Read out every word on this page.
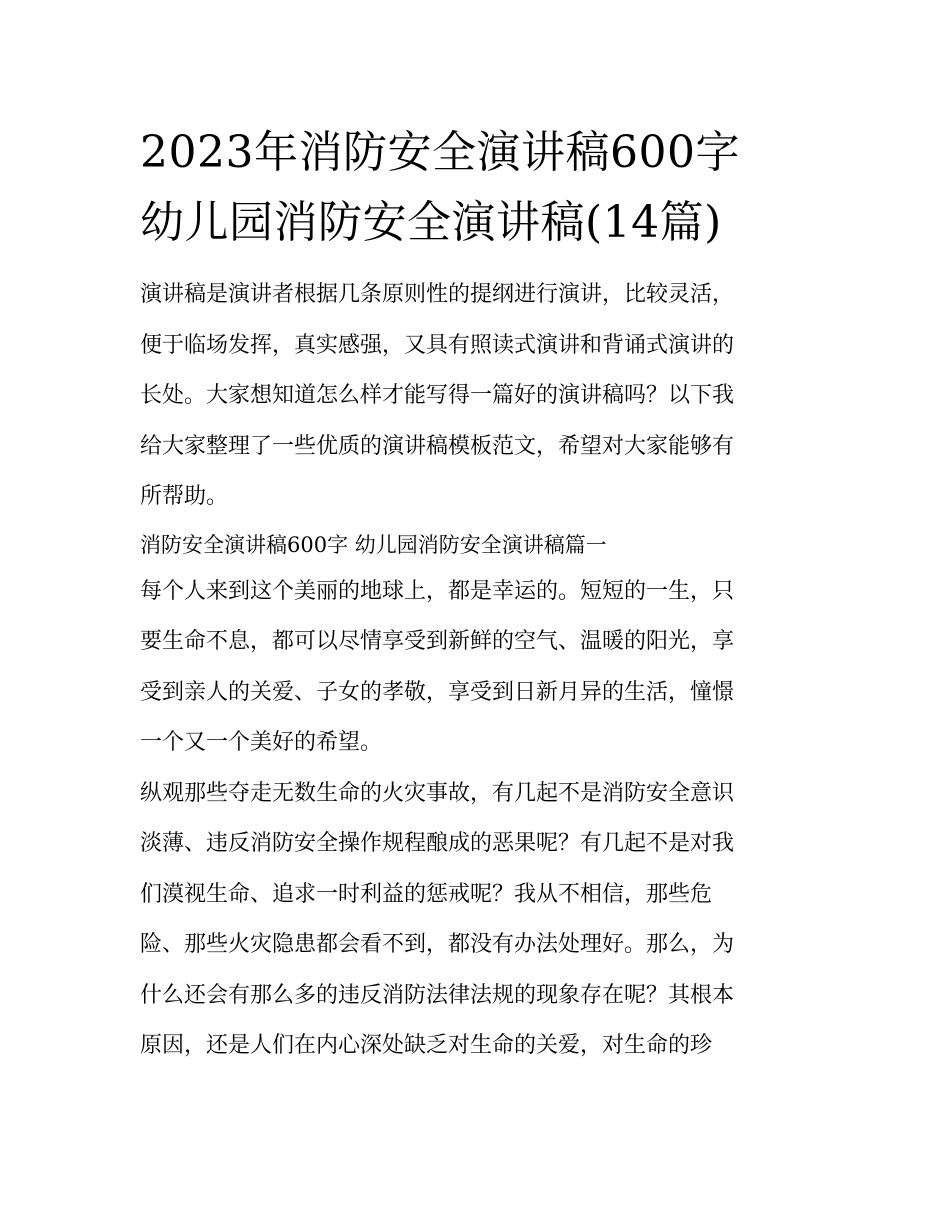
2023年消防安全演讲稿600字
幼儿园消防安全演讲稿(14篇)

演讲稿是演讲者根据几条原则性的提纲进行演讲，比较灵活，
便于临场发挥，真实感强，又具有照读式演讲和背诵式演讲的
长处。大家想知道怎么样才能写得一篇好的演讲稿吗？以下我
给大家整理了一些优质的演讲稿模板范文，希望对大家能够有
所帮助。

消防安全演讲稿600字 幼儿园消防安全演讲稿篇一

每个人来到这个美丽的地球上，都是幸运的。短短的一生，只
要生命不息，都可以尽情享受到新鲜的空气、温暖的阳光，享
受到亲人的关爱、子女的孝敬，享受到日新月异的生活，憧憬
一个又一个美好的希望。

纵观那些夺走无数生命的火灾事故，有几起不是消防安全意识
淡薄、违反消防安全操作规程酿成的恶果呢？有几起不是对我
们漠视生命、追求一时利益的惩戒呢？我从不相信，那些危
险、那些火灾隐患都会看不到，都没有办法处理好。那么，为
什么还会有那么多的违反消防法律法规的现象存在呢？其根本
原因，还是人们在内心深处缺乏对生命的关爱，对生命的珍
